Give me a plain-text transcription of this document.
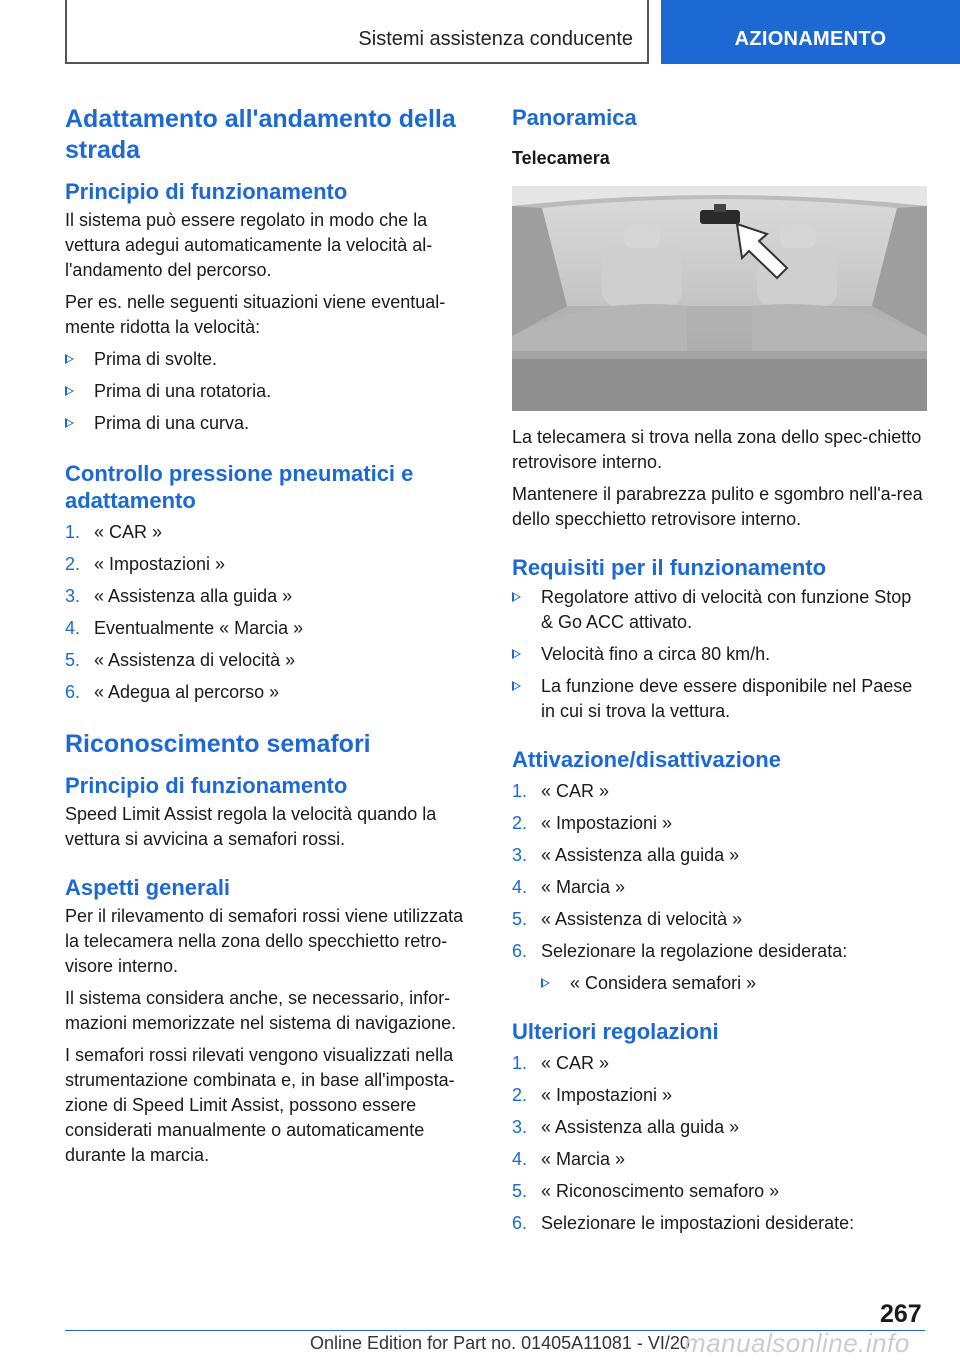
Sistemi assistenza conducente	AZIONAMENTO
Adattamento all'andamento della strada
Principio di funzionamento

Il sistema può essere regolato in modo che la vettura adegui automaticamente la velocità al-l'andamento del percorso.

Per es. nelle seguenti situazioni viene eventual-mente ridotta la velocità:

Prima di svolte.
Prima di una rotatoria.
Prima di una curva.
Controllo pressione pneumatici e adattamento
1. « CAR »
2. « Impostazioni »
3. « Assistenza alla guida »
4. Eventualmente « Marcia »
5. « Assistenza di velocità »
6. « Adegua al percorso »
Riconoscimento semafori
Principio di funzionamento

Speed Limit Assist regola la velocità quando la vettura si avvicina a semafori rossi.

Aspetti generali

Per il rilevamento di semafori rossi viene utilizzata la telecamera nella zona dello specchietto retro-visore interno.

Il sistema considera anche, se necessario, infor-mazioni memorizzate nel sistema di navigazione.

I semafori rossi rilevati vengono visualizzati nella strumentazione combinata e, in base all'imposta-zione di Speed Limit Assist, possono essere considerati manualmente o automaticamente durante la marcia.

Panoramica
Telecamera

La telecamera si trova nella zona dello spec-chietto retrovisore interno.

Mantenere il parabrezza pulito e sgombro nell'a-rea dello specchietto retrovisore interno.

Requisiti per il funzionamento
Regolatore attivo di velocità con funzione Stop & Go ACC attivato.
Velocità fino a circa 80 km/h.
La funzione deve essere disponibile nel Paese in cui si trova la vettura.
Attivazione/disattivazione
1. « CAR »
2. « Impostazioni »
3. « Assistenza alla guida »
4. « Marcia »
5. « Assistenza di velocità »
6. Selezionare la regolazione desiderata:
« Considera semafori »
Ulteriori regolazioni
1. « CAR »
2. « Impostazioni »
3. « Assistenza alla guida »
4. « Marcia »
5. « Riconoscimento semaforo »
6. Selezionare le impostazioni desiderate:
267
Online Edition for Part no. 01405A11081 - VI/20
manualsonline.info
